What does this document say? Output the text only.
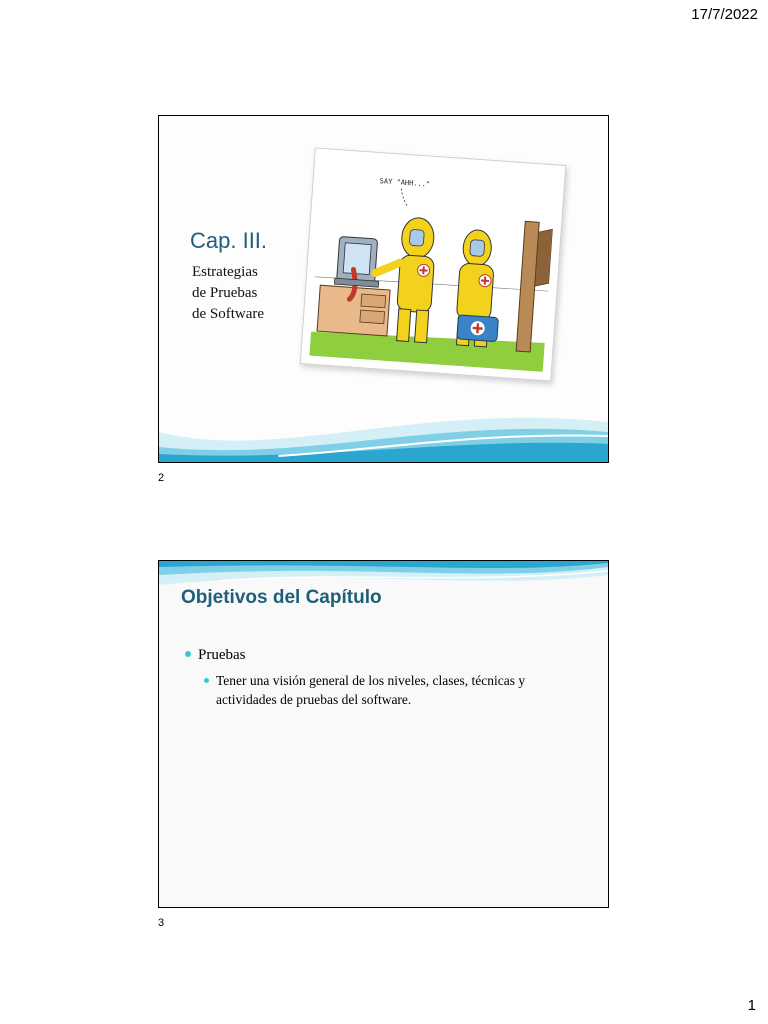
17/7/2022
Cap. III.
Estrategias
de Pruebas
de Software
SAY "AHH..."
2
Objetivos del Capítulo
Pruebas
Tener una visión general de los niveles, clases, técnicas y actividades de pruebas del software.
3
1
